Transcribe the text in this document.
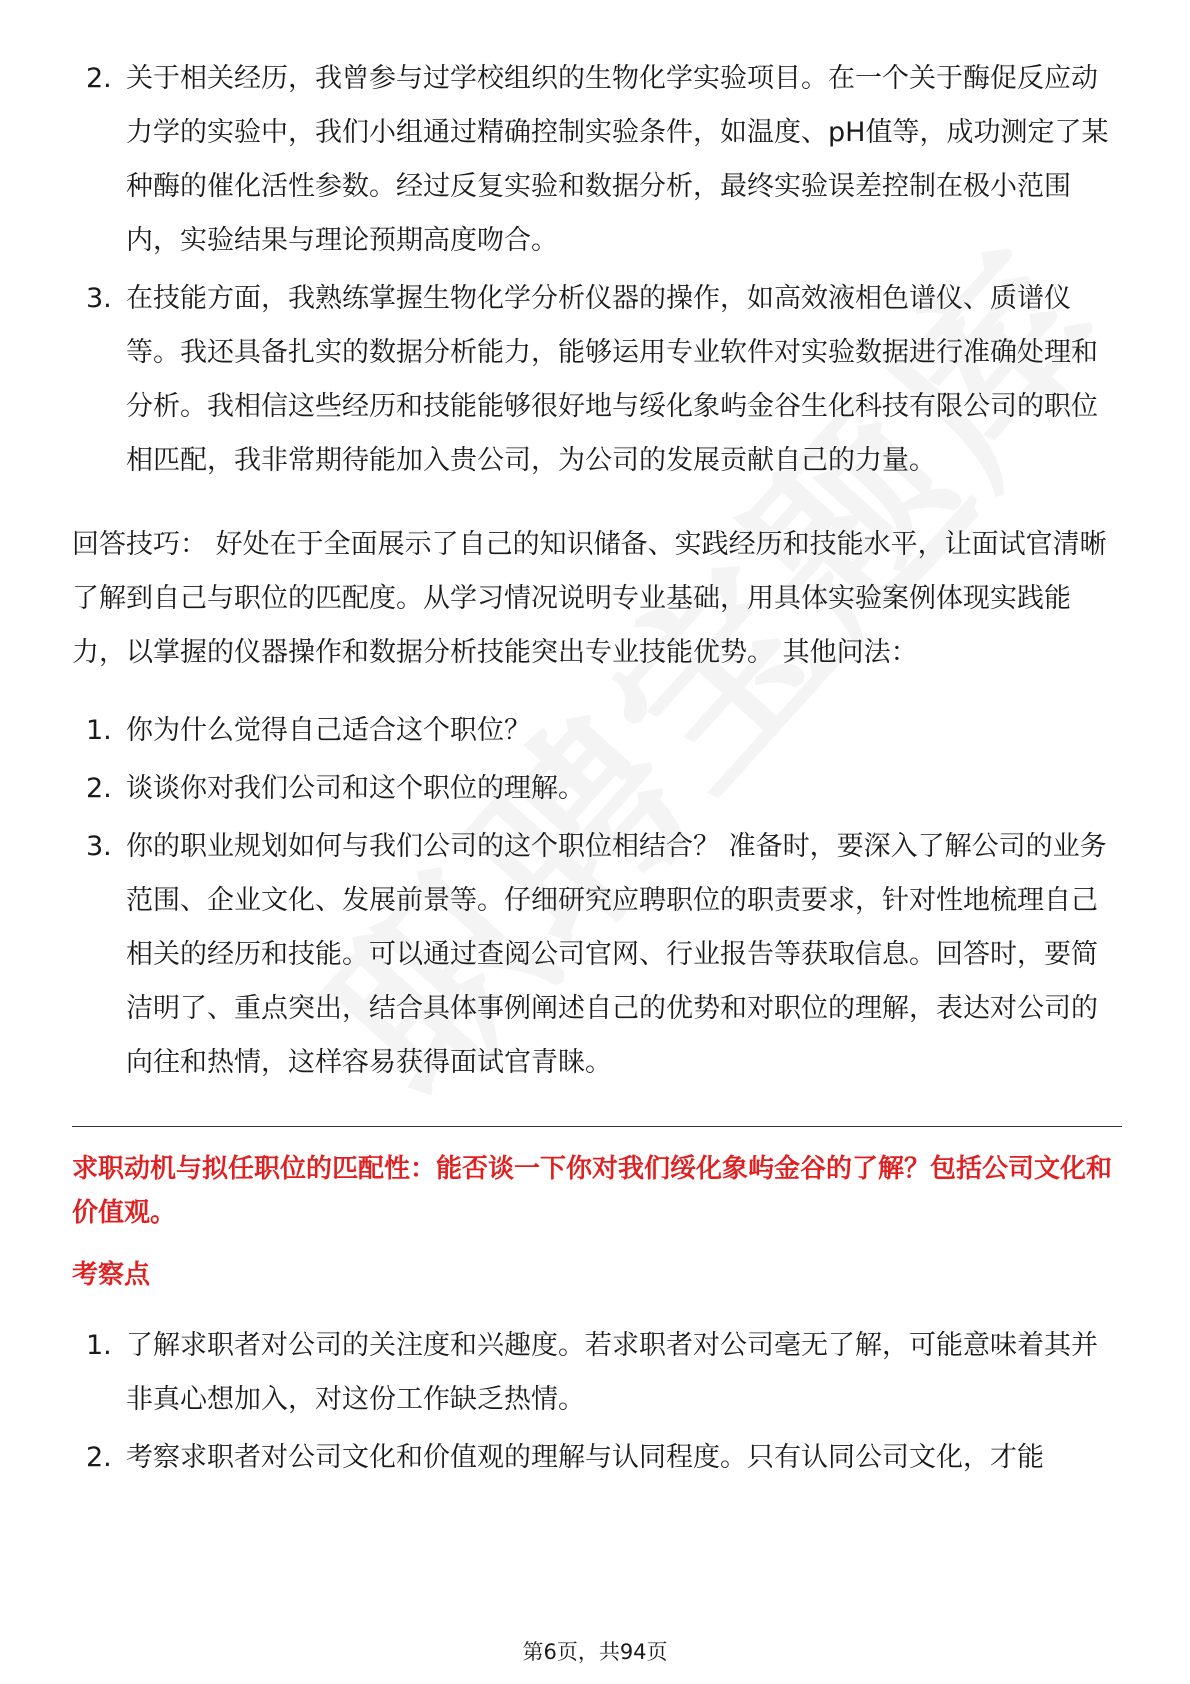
2. 关于相关经历，我曾参与过学校组织的生物化学实验项目。在一个关于酶促反应动力学的实验中，我们小组通过精确控制实验条件，如温度、pH值等，成功测定了某种酶的催化活性参数。经过反复实验和数据分析，最终实验误差控制在极小范围内，实验结果与理论预期高度吻合。
3. 在技能方面，我熟练掌握生物化学分析仪器的操作，如高效液相色谱仪、质谱仪等。我还具备扎实的数据分析能力，能够运用专业软件对实验数据进行准确处理和分析。我相信这些经历和技能能够很好地与绥化象屿金谷生化科技有限公司的职位相匹配，我非常期待能加入贵公司，为公司的发展贡献自己的力量。

回答技巧： 好处在于全面展示了自己的知识储备、实践经历和技能水平，让面试官清晰了解到自己与职位的匹配度。从学习情况说明专业基础，用具体实验案例体现实践能力，以掌握的仪器操作和数据分析技能突出专业技能优势。 其他问法：

1. 你为什么觉得自己适合这个职位？
2. 谈谈你对我们公司和这个职位的理解。
3. 你的职业规划如何与我们公司的这个职位相结合？ 准备时，要深入了解公司的业务范围、企业文化、发展前景等。仔细研究应聘职位的职责要求，针对性地梳理自己相关的经历和技能。可以通过查阅公司官网、行业报告等获取信息。回答时，要简洁明了、重点突出，结合具体事例阐述自己的优势和对职位的理解，表达对公司的向往和热情，这样容易获得面试官青睐。

求职动机与拟任职位的匹配性：能否谈一下你对我们绥化象屿金谷的了解？包括公司文化和价值观。

考察点

1. 了解求职者对公司的关注度和兴趣度。若求职者对公司毫无了解，可能意味着其并非真心想加入，对这份工作缺乏热情。
2. 考察求职者对公司文化和价值观的理解与认同程度。只有认同公司文化，才能
第6页，共94页
